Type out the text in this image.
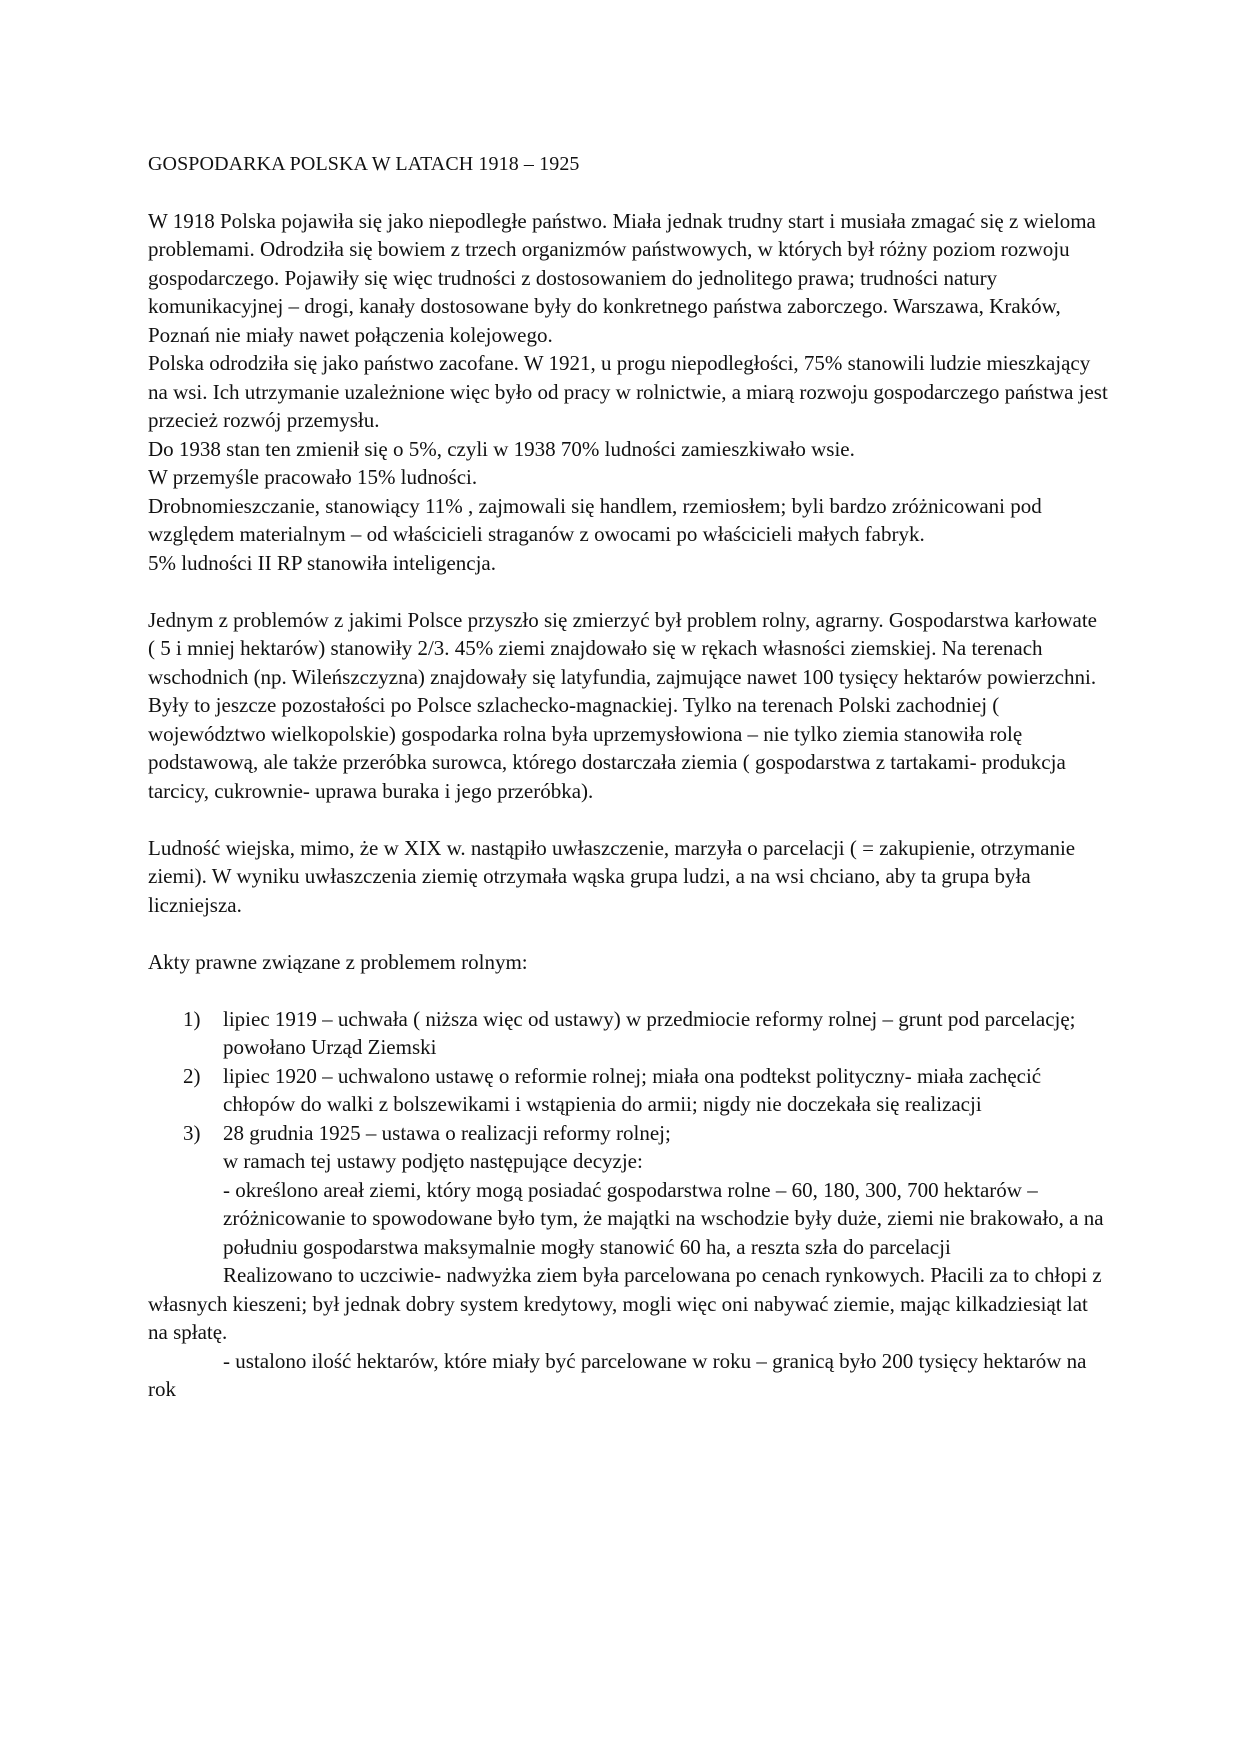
GOSPODARKA POLSKA W LATACH 1918 – 1925

W 1918 Polska pojawiła się jako niepodległe państwo. Miała jednak trudny start i musiała zmagać się z wieloma problemami. Odrodziła się bowiem z trzech organizmów państwowych, w których był różny poziom rozwoju gospodarczego. Pojawiły się więc trudności z dostosowaniem do jednolitego prawa; trudności natury komunikacyjnej – drogi, kanały dostosowane były do konkretnego państwa zaborczego. Warszawa, Kraków, Poznań nie miały nawet połączenia kolejowego.

Polska odrodziła się jako państwo zacofane. W 1921, u progu niepodległości, 75% stanowili ludzie mieszkający na wsi. Ich utrzymanie uzależnione więc było od pracy w rolnictwie, a miarą rozwoju gospodarczego państwa jest przecież rozwój przemysłu.

Do 1938 stan ten zmienił się o 5%, czyli w 1938 70% ludności zamieszkiwało wsie.

W przemyśle pracowało 15% ludności.

Drobnomieszczanie, stanowiący 11% , zajmowali się handlem, rzemiosłem; byli bardzo zróżnicowani pod względem materialnym – od właścicieli straganów z owocami po właścicieli małych fabryk.

5% ludności II RP stanowiła inteligencja.

Jednym z problemów z jakimi Polsce przyszło się zmierzyć był problem rolny, agrarny. Gospodarstwa karłowate ( 5 i mniej hektarów) stanowiły 2/3. 45% ziemi znajdowało się w rękach własności ziemskiej. Na terenach wschodnich (np. Wileńszczyzna) znajdowały się latyfundia, zajmujące nawet 100 tysięcy hektarów powierzchni. Były to jeszcze pozostałości po Polsce szlachecko-magnackiej. Tylko na terenach Polski zachodniej ( województwo wielkopolskie) gospodarka rolna była uprzemysłowiona – nie tylko ziemia stanowiła rolę podstawową, ale także przeróbka surowca, którego dostarczała ziemia ( gospodarstwa z tartakami- produkcja tarcicy, cukrownie- uprawa buraka i jego przeróbka).

Ludność wiejska, mimo, że w XIX w. nastąpiło uwłaszczenie, marzyła o parcelacji ( = zakupienie, otrzymanie ziemi). W wyniku uwłaszczenia ziemię otrzymała wąska grupa ludzi, a na wsi chciano, aby ta grupa była liczniejsza.

Akty prawne związane z problemem rolnym:

1) lipiec 1919 – uchwała ( niższa więc od ustawy) w przedmiocie reformy rolnej – grunt pod parcelację; powołano Urząd Ziemski
2) lipiec 1920 – uchwalono ustawę o reformie rolnej; miała ona podtekst polityczny- miała zachęcić chłopów do walki z bolszewikami i wstąpienia do armii; nigdy nie doczekała się realizacji
3) 28 grudnia 1925 – ustawa o realizacji reformy rolnej;
w ramach tej ustawy podjęto następujące decyzje:
- określono areał ziemi, który mogą posiadać gospodarstwa rolne – 60, 180, 300, 700 hektarów – zróżnicowanie to spowodowane było tym, że majątki na wschodzie były duże, ziemi nie brakowało, a na południu gospodarstwa maksymalnie mogły stanowić 60 ha, a reszta szła do parcelacji

Realizowano to uczciwie- nadwyżka ziem była parcelowana po cenach rynkowych. Płacili za to chłopi z własnych kieszeni; był jednak dobry system kredytowy, mogli więc oni nabywać ziemie, mając kilkadziesiąt lat na spłatę.

- ustalono ilość hektarów, które miały być parcelowane w roku – granicą było 200 tysięcy hektarów na rok
